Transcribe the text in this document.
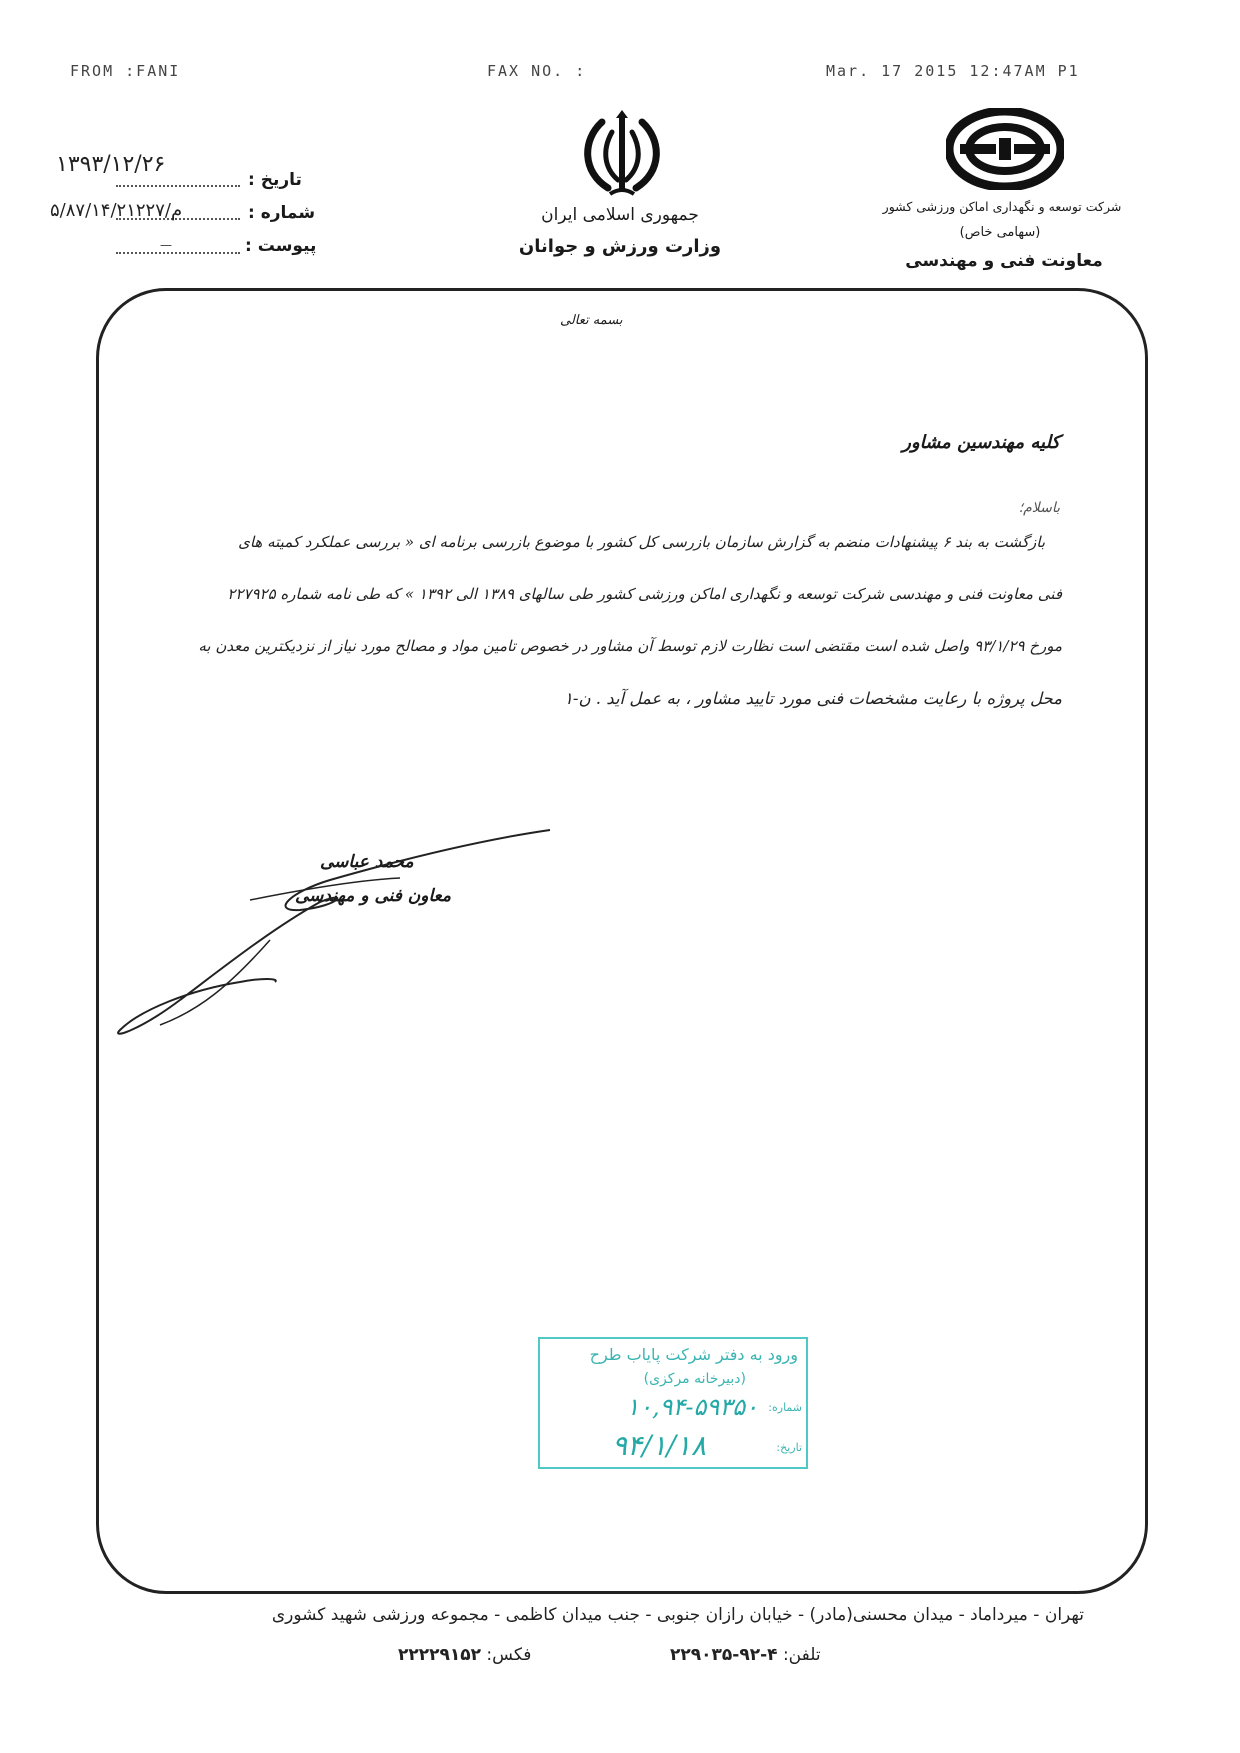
FROM :FANI	FAX NO. :	Mar. 17 2015 12:47AM P1
تاریخ :
۱۳۹۳/۱۲/۲۶
شماره :
۵/۸۷/۱۴/م/۲۱۲۲۷
پیوست :
—
جمهوری اسلامی ایران
وزارت ورزش و جوانان
شرکت توسعه و نگهداری اماکن ورزشی کشور
(سهامی خاص)
معاونت فنی و مهندسی
بسمه تعالی
کلیه مهندسین مشاور
باسلام؛
بازگشت به بند ۶ پیشنهادات منضم به گزارش سازمان بازرسی کل کشور با موضوع بازرسی برنامه ای « بررسی عملکرد کمیته های
فنی معاونت فنی و مهندسی شرکت توسعه و نگهداری اماکن ورزشی کشور طی سالهای ۱۳۸۹ الی ۱۳۹۲ » که طی نامه شماره ۲۲۷۹۲۵
مورخ ۹۳/۱/۲۹ واصل شده است مقتضی است نظارت لازم توسط آن مشاور در خصوص تامین مواد و مصالح مورد نیاز از نزدیکترین معدن به
محل پروژه با رعایت مشخصات فنی مورد تایید مشاور ، به عمل آید . ن-۱
محمد عباسی
معاون فنی و مهندسی
ورود به دفتر شرکت پایاب طرح
(دبیرخانه مرکزی)
شماره:
۱۰,۹۴-۵۹۳۵۰
تاریخ:
۹۴/۱/۱۸
تهران - میرداماد - میدان محسنی(مادر) - خیابان رازان جنوبی - جنب میدان کاظمی - مجموعه ورزشی شهید کشوری
تلفن: ۴-۹۲-۲۲۹۰۳۵
فکس: ۲۲۲۲۹۱۵۲
